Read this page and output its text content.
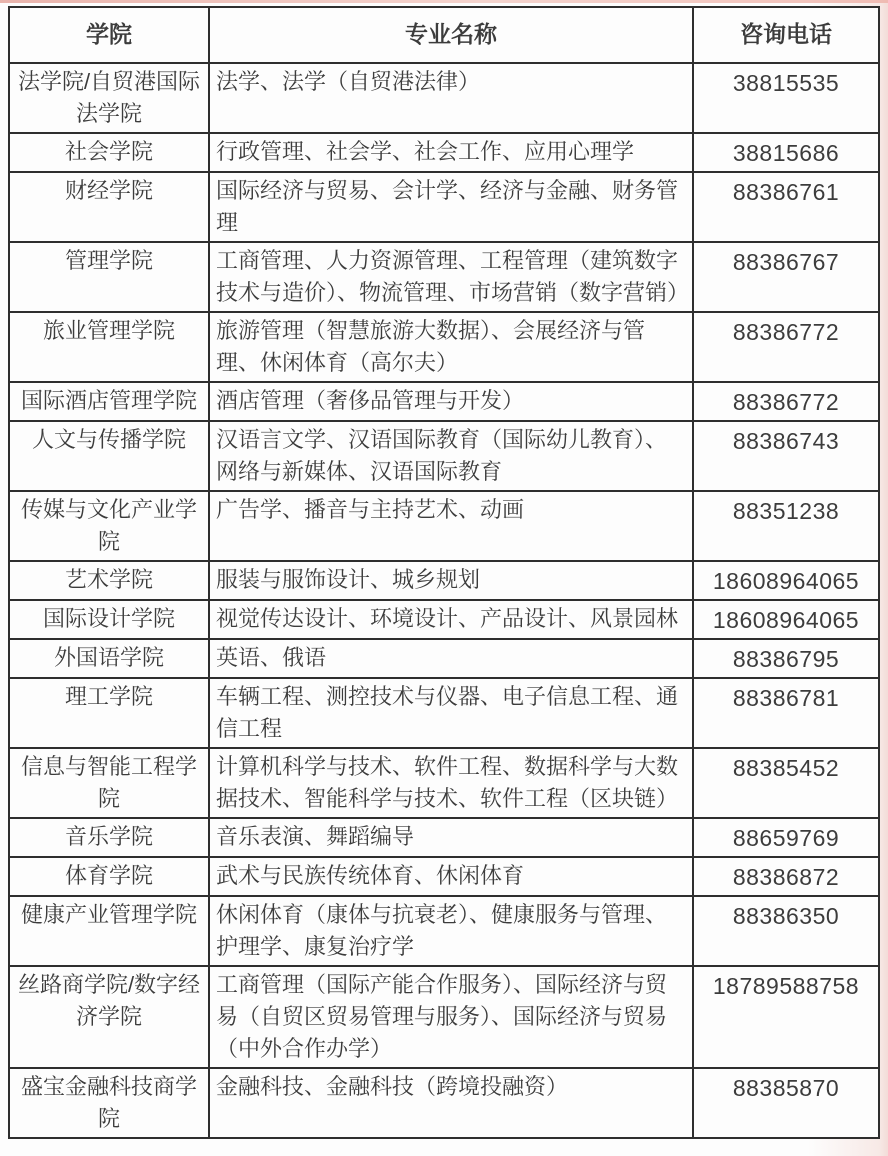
学院	专业名称	咨询电话
法学院/自贸港国际法学院	法学、法学（自贸港法律）	38815535
社会学院	行政管理、社会学、社会工作、应用心理学	38815686
财经学院	国际经济与贸易、会计学、经济与金融、财务管理	88386761
管理学院	工商管理、人力资源管理、工程管理（建筑数字技术与造价）、物流管理、市场营销（数字营销）	88386767
旅业管理学院	旅游管理（智慧旅游大数据）、会展经济与管理、休闲体育（高尔夫）	88386772
国际酒店管理学院	酒店管理（奢侈品管理与开发）	88386772
人文与传播学院	汉语言文学、汉语国际教育（国际幼儿教育）、网络与新媒体、汉语国际教育	88386743
传媒与文化产业学院	广告学、播音与主持艺术、动画	88351238
艺术学院	服装与服饰设计、城乡规划	18608964065
国际设计学院	视觉传达设计、环境设计、产品设计、风景园林	18608964065
外国语学院	英语、俄语	88386795
理工学院	车辆工程、测控技术与仪器、电子信息工程、通信工程	88386781
信息与智能工程学院	计算机科学与技术、软件工程、数据科学与大数据技术、智能科学与技术、软件工程（区块链）	88385452
音乐学院	音乐表演、舞蹈编导	88659769
体育学院	武术与民族传统体育、休闲体育	88386872
健康产业管理学院	休闲体育（康体与抗衰老）、健康服务与管理、护理学、康复治疗学	88386350
丝路商学院/数字经济学院	工商管理（国际产能合作服务）、国际经济与贸易（自贸区贸易管理与服务）、国际经济与贸易（中外合作办学）	18789588758
盛宝金融科技商学院	金融科技、金融科技（跨境投融资）	88385870
